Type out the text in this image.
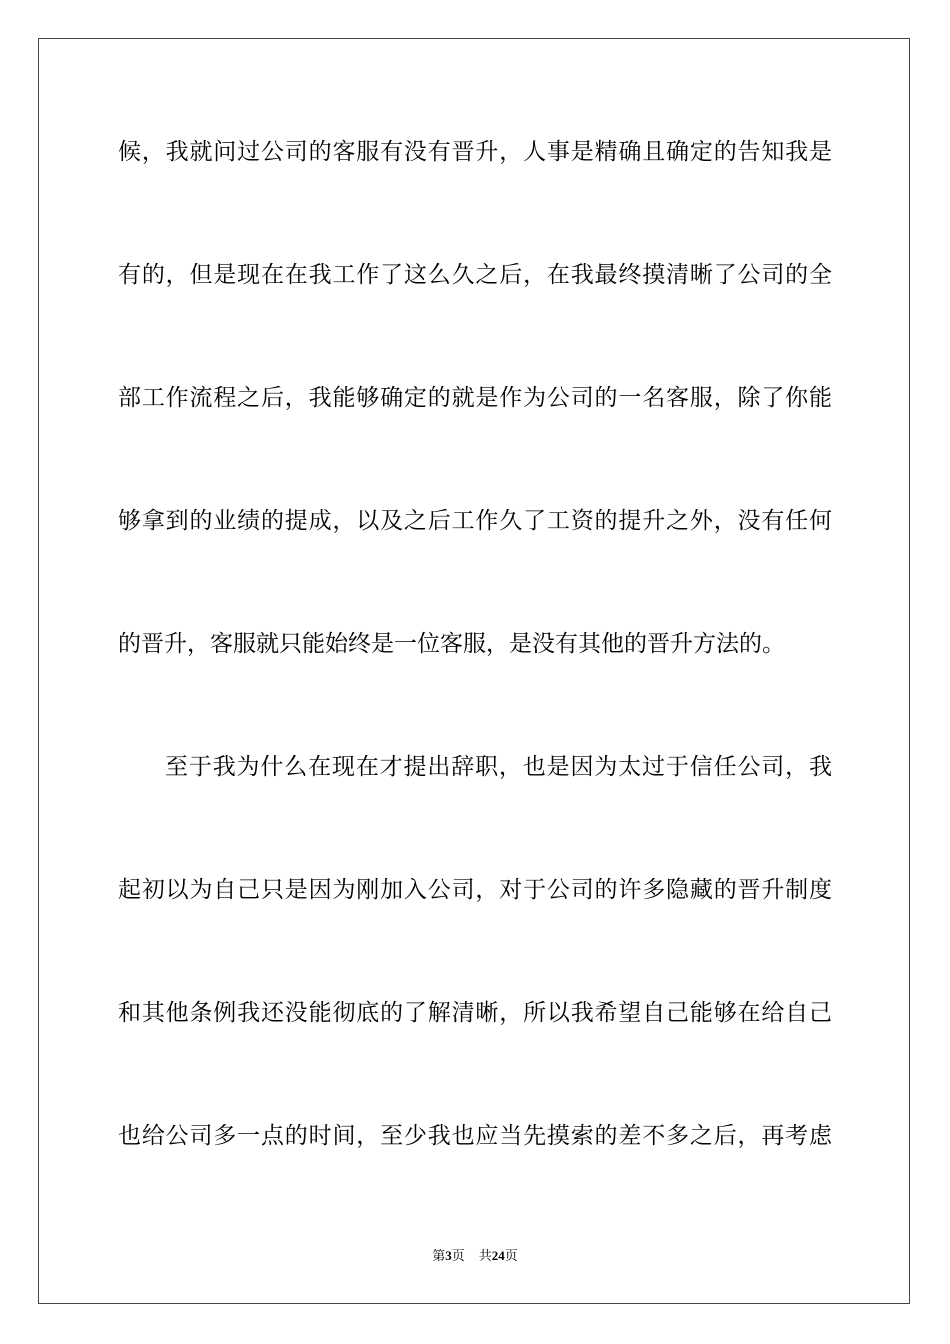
候，我就问过公司的客服有没有晋升，人事是精确且确定的告知我是
有的，但是现在在我工作了这么久之后，在我最终摸清晰了公司的全
部工作流程之后，我能够确定的就是作为公司的一名客服，除了你能
够拿到的业绩的提成，以及之后工作久了工资的提升之外，没有任何
的晋升，客服就只能始终是一位客服，是没有其他的晋升方法的。
至于我为什么在现在才提出辞职，也是因为太过于信任公司，我
起初以为自己只是因为刚加入公司，对于公司的许多隐藏的晋升制度
和其他条例我还没能彻底的了解清晰，所以我希望自己能够在给自己
也给公司多一点的时间，至少我也应当先摸索的差不多之后，再考虑
第3页 共24页
